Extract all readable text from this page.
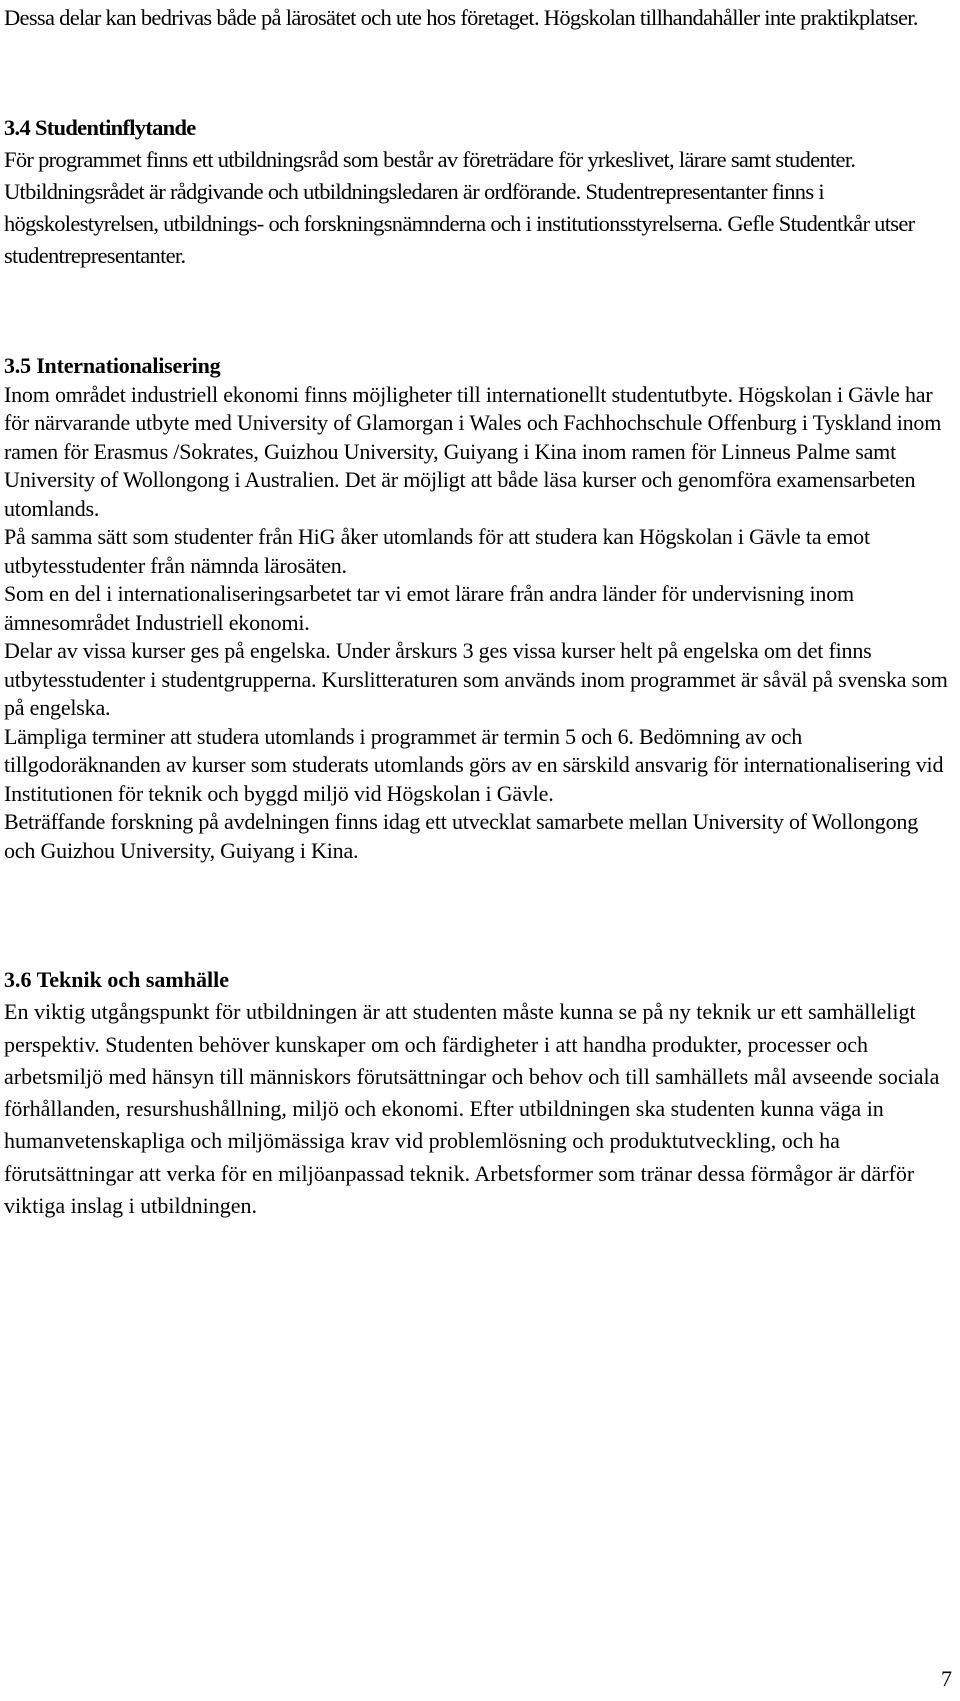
Dessa delar kan bedrivas både på lärosätet och ute hos företaget. Högskolan tillhandahåller inte praktikplatser.

3.4 Studentinflytande
För programmet finns ett utbildningsråd som består av företrädare för yrkeslivet, lärare samt studenter. Utbildningsrådet är rådgivande och utbildningsledaren är ordförande. Studentrepresentanter finns i högskolestyrelsen, utbildnings- och forskningsnämnderna och i institutionsstyrelserna. Gefle Studentkår utser studentrepresentanter.
3.5 Internationalisering
Inom området industriell ekonomi finns möjligheter till internationellt studentutbyte. Högskolan i Gävle har för närvarande utbyte med University of Glamorgan i Wales och Fachhochschule Offenburg i Tyskland inom ramen för Erasmus /Sokrates, Guizhou University, Guiyang i Kina inom ramen för Linneus Palme samt University of Wollongong i Australien. Det är möjligt att både läsa kurser och genomföra examensarbeten utomlands.
På samma sätt som studenter från HiG åker utomlands för att studera kan Högskolan i Gävle ta emot utbytesstudenter från nämnda lärosäten.
Som en del i internationaliseringsarbetet tar vi emot lärare från andra länder för undervisning inom ämnesområdet Industriell ekonomi.
Delar av vissa kurser ges på engelska. Under årskurs 3 ges vissa kurser helt på engelska om det finns utbytesstudenter i studentgrupperna. Kurslitteraturen som används inom programmet är såväl på svenska som på engelska.
Lämpliga terminer att studera utomlands i programmet är termin 5 och 6. Bedömning av och tillgodoräknanden av kurser som studerats utomlands görs av en särskild ansvarig för internationalisering vid Institutionen för teknik och byggd miljö vid Högskolan i Gävle.
Beträffande forskning på avdelningen finns idag ett utvecklat samarbete mellan University of Wollongong och Guizhou University, Guiyang i Kina.
3.6 Teknik och samhälle
En viktig utgångspunkt för utbildningen är att studenten måste kunna se på ny teknik ur ett samhälleligt perspektiv. Studenten behöver kunskaper om och färdigheter i att handha produkter, processer och arbetsmiljö med hänsyn till människors förutsättningar och behov och till samhällets mål avseende sociala förhållanden, resurshushållning, miljö och ekonomi. Efter utbildningen ska studenten kunna väga in humanvetenskapliga och miljömässiga krav vid problemlösning och produktutveckling, och ha förutsättningar att verka för en miljöanpassad teknik. Arbetsformer som tränar dessa förmågor är därför viktiga inslag i utbildningen.

7
